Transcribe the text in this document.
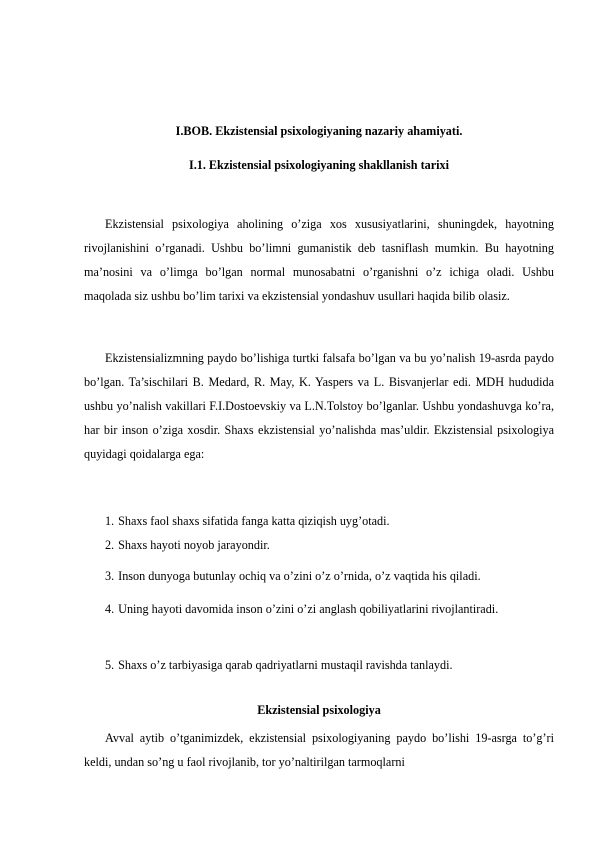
I.BOB. Ekzistensial psixologiyaning nazariy ahamiyati.
I.1. Ekzistensial psixologiyaning shakllanish tarixi

Ekzistensial psixologiya aholining o’ziga xos xususiyatlarini, shuningdek, hayotning rivojlanishini o’rganadi. Ushbu bo’limni gumanistik deb tasniflash mumkin. Bu hayotning ma’nosini va o’limga bo’lgan normal munosabatni o’rganishni o’z ichiga oladi. Ushbu maqolada siz ushbu bo’lim tarixi va ekzistensial yondashuv usullari haqida bilib olasiz.

Ekzistensializmning paydo bo’lishiga turtki falsafa bo’lgan va bu yo’nalish 19-asrda paydo bo’lgan. Ta’sischilari B. Medard, R. May, K. Yaspers va L. Bisvanjerlar edi. MDH hududida ushbu yo’nalish vakillari F.I.Dostoevskiy va L.N.Tolstoy bo’lganlar. Ushbu yondashuvga ko’ra, har bir inson o’ziga xosdir. Shaxs ekzistensial yo’nalishda mas’uldir. Ekzistensial psixologiya quyidagi qoidalarga ega:

1. Shaxs faol shaxs sifatida fanga katta qiziqish uyg’otadi.

2. Shaxs hayoti noyob jarayondir.

3. Inson dunyoga butunlay ochiq va o’zini o’z o’rnida, o’z vaqtida his qiladi.

4. Uning hayoti davomida inson o’zini o’zi anglash qobiliyatlarini rivojlantiradi.

5. Shaxs o’z tarbiyasiga qarab qadriyatlarni mustaqil ravishda tanlaydi.

Ekzistensial psixologiya

Avval aytib o’tganimizdek, ekzistensial psixologiyaning paydo bo’lishi 19-asrga to’g’ri keldi, undan so’ng u faol rivojlanib, tor yo’naltirilgan tarmoqlarni
